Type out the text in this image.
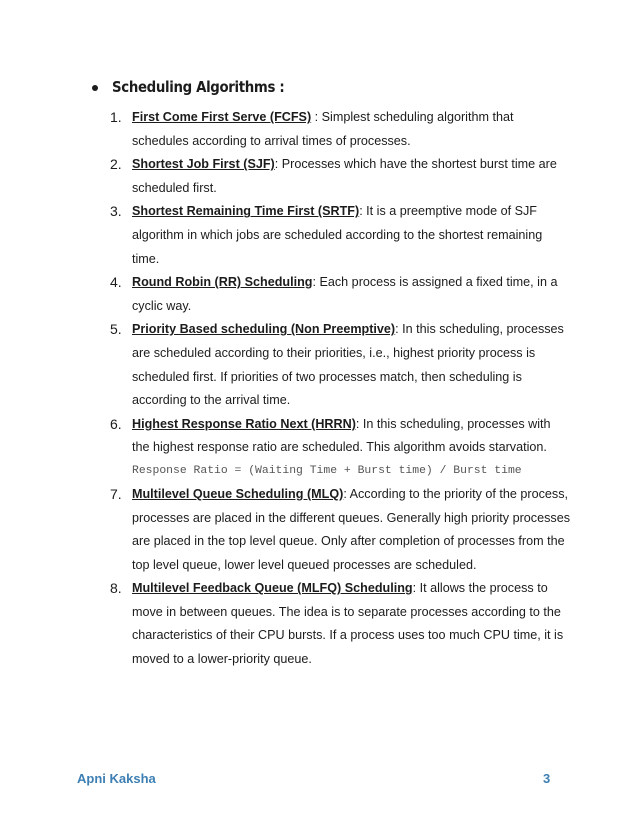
Scheduling Algorithms :
1. First Come First Serve (FCFS) : Simplest scheduling algorithm that schedules according to arrival times of processes.
2. Shortest Job First (SJF): Processes which have the shortest burst time are scheduled first.
3. Shortest Remaining Time First (SRTF): It is a preemptive mode of SJF algorithm in which jobs are scheduled according to the shortest remaining time.
4. Round Robin (RR) Scheduling: Each process is assigned a fixed time, in a cyclic way.
5. Priority Based scheduling (Non Preemptive): In this scheduling, processes are scheduled according to their priorities, i.e., highest priority process is scheduled first. If priorities of two processes match, then scheduling is according to the arrival time.
6. Highest Response Ratio Next (HRRN): In this scheduling, processes with the highest response ratio are scheduled. This algorithm avoids starvation.
Response Ratio = (Waiting Time + Burst time) / Burst time
7. Multilevel Queue Scheduling (MLQ): According to the priority of the process, processes are placed in the different queues. Generally high priority processes are placed in the top level queue. Only after completion of processes from the top level queue, lower level queued processes are scheduled.
8. Multilevel Feedback Queue (MLFQ) Scheduling: It allows the process to move in between queues. The idea is to separate processes according to the characteristics of their CPU bursts. If a process uses too much CPU time, it is moved to a lower-priority queue.
Apni Kaksha	3
